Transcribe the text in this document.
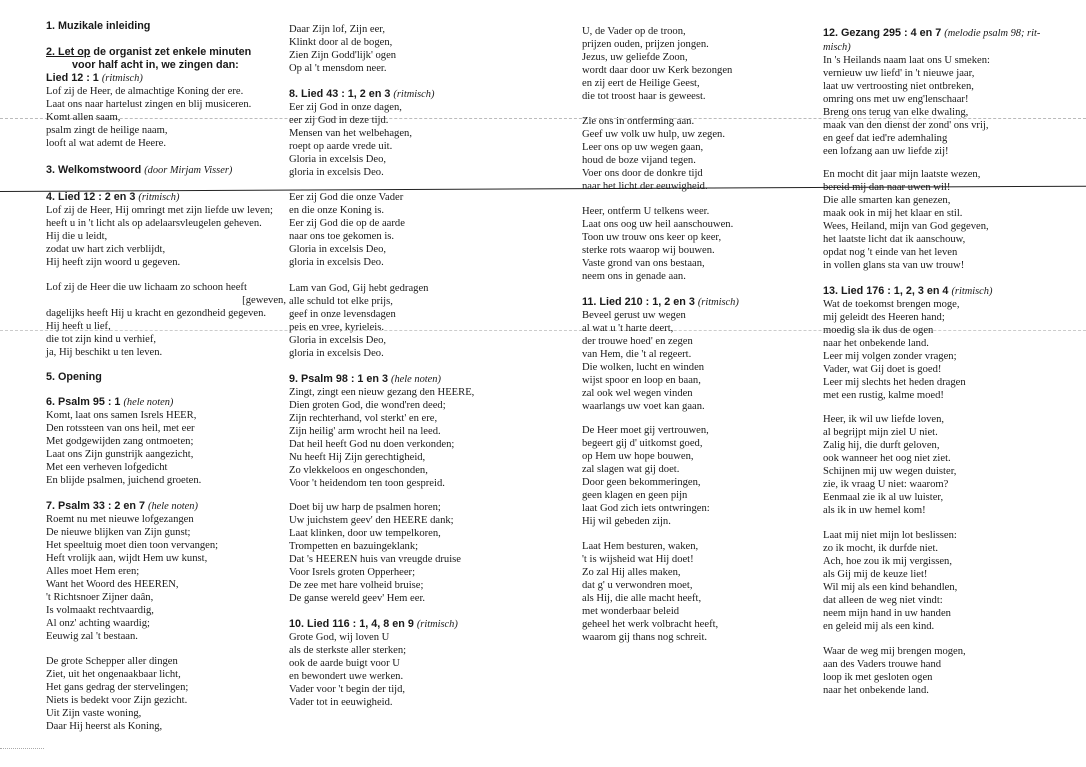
1. Muzikale inleiding
2. Let op de organist zet enkele minuten
voor half acht in, we zingen dan:
Lied 12 : 1 (ritmisch)
Lof zij de Heer, de almachtige Koning der ere.
Laat ons naar hartelust zingen en blij musiceren.
Komt allen saam,
psalm zingt de heilige naam,
looft al wat ademt de Heere.
3. Welkomstwoord (door Mirjam Visser)
4. Lied 12 : 2 en 3 (ritmisch)
Lof zij de Heer, Hij omringt met zijn liefde uw leven;
heeft u in 't licht als op adelaarsvleugelen geheven.
Hij die u leidt,
zodat uw hart zich verblijdt,
Hij heeft zijn woord u gegeven.
Lof zij de Heer die uw lichaam zo schoon heeft
[geweven,
dagelijks heeft Hij u kracht en gezondheid gegeven.
Hij heeft u lief,
die tot zijn kind u verhief,
ja, Hij beschikt u ten leven.
5. Opening
6. Psalm 95 : 1 (hele noten)
Komt, laat ons samen Isrels HEER,
Den rotssteen van ons heil, met eer
Met godgewijden zang ontmoeten;
Laat ons Zijn gunstrijk aangezicht,
Met een verheven lofgedicht
En blijde psalmen, juichend groeten.
7. Psalm 33 : 2 en 7 (hele noten)
Roemt nu met nieuwe lofgezangen
De nieuwe blijken van Zijn gunst;
Het speeltuig moet dien toon vervangen;
Heft vrolijk aan, wijdt Hem uw kunst,
Alles moet Hem eren;
Want het Woord des HEEREN,
't Richtsnoer Zijner daân,
Is volmaakt rechtvaardig,
Al onz' achting waardig;
Eeuwig zal 't bestaan.
De grote Schepper aller dingen
Ziet, uit het ongenaakbaar licht,
Het gans gedrag der stervelingen;
Niets is bedekt voor Zijn gezicht.
Uit Zijn vaste woning,
Daar Hij heerst als Koning,
Daar Zijn lof, Zijn eer,
Klinkt door al de bogen,
Zien Zijn Godd'lijk' ogen
Op al 't mensdom neer.
8. Lied 43 : 1, 2 en 3 (ritmisch)
Eer zij God in onze dagen,
eer zij God in deze tijd.
Mensen van het welbehagen,
roept op aarde vrede uit.
Gloria in excelsis Deo,
gloria in excelsis Deo.
Eer zij God die onze Vader
en die onze Koning is.
Eer zij God die op de aarde
naar ons toe gekomen is.
Gloria in excelsis Deo,
gloria in excelsis Deo.
Lam van God, Gij hebt gedragen
alle schuld tot elke prijs,
geef in onze levensdagen
peis en vree, kyrieleis.
Gloria in excelsis Deo,
gloria in excelsis Deo.
9. Psalm 98 : 1 en 3 (hele noten)
Zingt, zingt een nieuw gezang den HEERE,
Dien groten God, die wond'ren deed;
Zijn rechterhand, vol sterkt' en ere,
Zijn heilig' arm wrocht heil na leed.
Dat heil heeft God nu doen verkonden;
Nu heeft Hij Zijn gerechtigheid,
Zo vlekkeloos en ongeschonden,
Voor 't heidendom ten toon gespreid.
Doet bij uw harp de psalmen horen;
Uw juichstem geev' den HEERE dank;
Laat klinken, door uw tempelkoren,
Trompetten en bazuingeklank;
Dat 's HEEREN huis van vreugde druise
Voor Isrels groten Opperheer;
De zee met hare volheid bruise;
De ganse wereld geev' Hem eer.
10. Lied 116 : 1, 4, 8 en 9 (ritmisch)
Grote God, wij loven U
als de sterkste aller sterken;
ook de aarde buigt voor U
en bewondert uwe werken.
Vader voor 't begin der tijd,
Vader tot in eeuwigheid.
U, de Vader op de troon,
prijzen ouden, prijzen jongen.
Jezus, uw geliefde Zoon,
wordt daar door uw Kerk bezongen
en zij eert de Heilige Geest,
die tot troost haar is geweest.
Zie ons in ontferming aan.
Geef uw volk uw hulp, uw zegen.
Leer ons op uw wegen gaan,
houd de boze vijand tegen.
Voer ons door de donkre tijd
naar het licht der eeuwigheid.
Heer, ontferm U telkens weer.
Laat ons oog uw heil aanschouwen.
Toon uw trouw ons keer op keer,
sterke rots waarop wij bouwen.
Vaste grond van ons bestaan,
neem ons in genade aan.
11. Lied 210 : 1, 2 en 3 (ritmisch)
Beveel gerust uw wegen
al wat u 't harte deert,
der trouwe hoed' en zegen
van Hem, die 't al regeert.
Die wolken, lucht en winden
wijst spoor en loop en baan,
zal ook wel wegen vinden
waarlangs uw voet kan gaan.
De Heer moet gij vertrouwen,
begeert gij d' uitkomst goed,
op Hem uw hope bouwen,
zal slagen wat gij doet.
Door geen bekommeringen,
geen klagen en geen pijn
laat God zich iets ontwringen:
Hij wil gebeden zijn.
Laat Hem besturen, waken,
't is wijsheid wat Hij doet!
Zo zal Hij alles maken,
dat g' u verwondren moet,
als Hij, die alle macht heeft,
met wonderbaar beleid
geheel het werk volbracht heeft,
waarom gij thans nog schreit.
12. Gezang 295 : 4 en 7 (melodie psalm 98; rit-
misch)
In 's Heilands naam laat ons U smeken:
vernieuw uw liefd' in 't nieuwe jaar,
laat uw vertroosting niet ontbreken,
omring ons met uw eng'lenschaar!
Breng ons terug van elke dwaling,
maak van den dienst der zond' ons vrij,
en geef dat ied're ademhaling
een lofzang aan uw liefde zij!
En mocht dit jaar mijn laatste wezen,
bereid mij dan naar uwen wil!
Die alle smarten kan genezen,
maak ook in mij het klaar en stil.
Wees, Heiland, mijn van God gegeven,
het laatste licht dat ik aanschouw,
opdat nog 't einde van het leven
in vollen glans sta van uw trouw!
13. Lied 176 : 1, 2, 3 en 4 (ritmisch)
Wat de toekomst brengen moge,
mij geleidt des Heeren hand;
moedig sla ik dus de ogen
naar het onbekende land.
Leer mij volgen zonder vragen;
Vader, wat Gij doet is goed!
Leer mij slechts het heden dragen
met een rustig, kalme moed!
Heer, ik wil uw liefde loven,
al begrijpt mijn ziel U niet.
Zalig hij, die durft geloven,
ook wanneer het oog niet ziet.
Schijnen mij uw wegen duister,
zie, ik vraag U niet: waarom?
Eenmaal zie ik al uw luister,
als ik in uw hemel kom!
Laat mij niet mijn lot beslissen:
zo ik mocht, ik durfde niet.
Ach, hoe zou ik mij vergissen,
als Gij mij de keuze liet!
Wil mij als een kind behandlen,
dat alleen de weg niet vindt:
neem mijn hand in uw handen
en geleid mij als een kind.
Waar de weg mij brengen mogen,
aan des Vaders trouwe hand
loop ik met gesloten ogen
naar het onbekende land.
